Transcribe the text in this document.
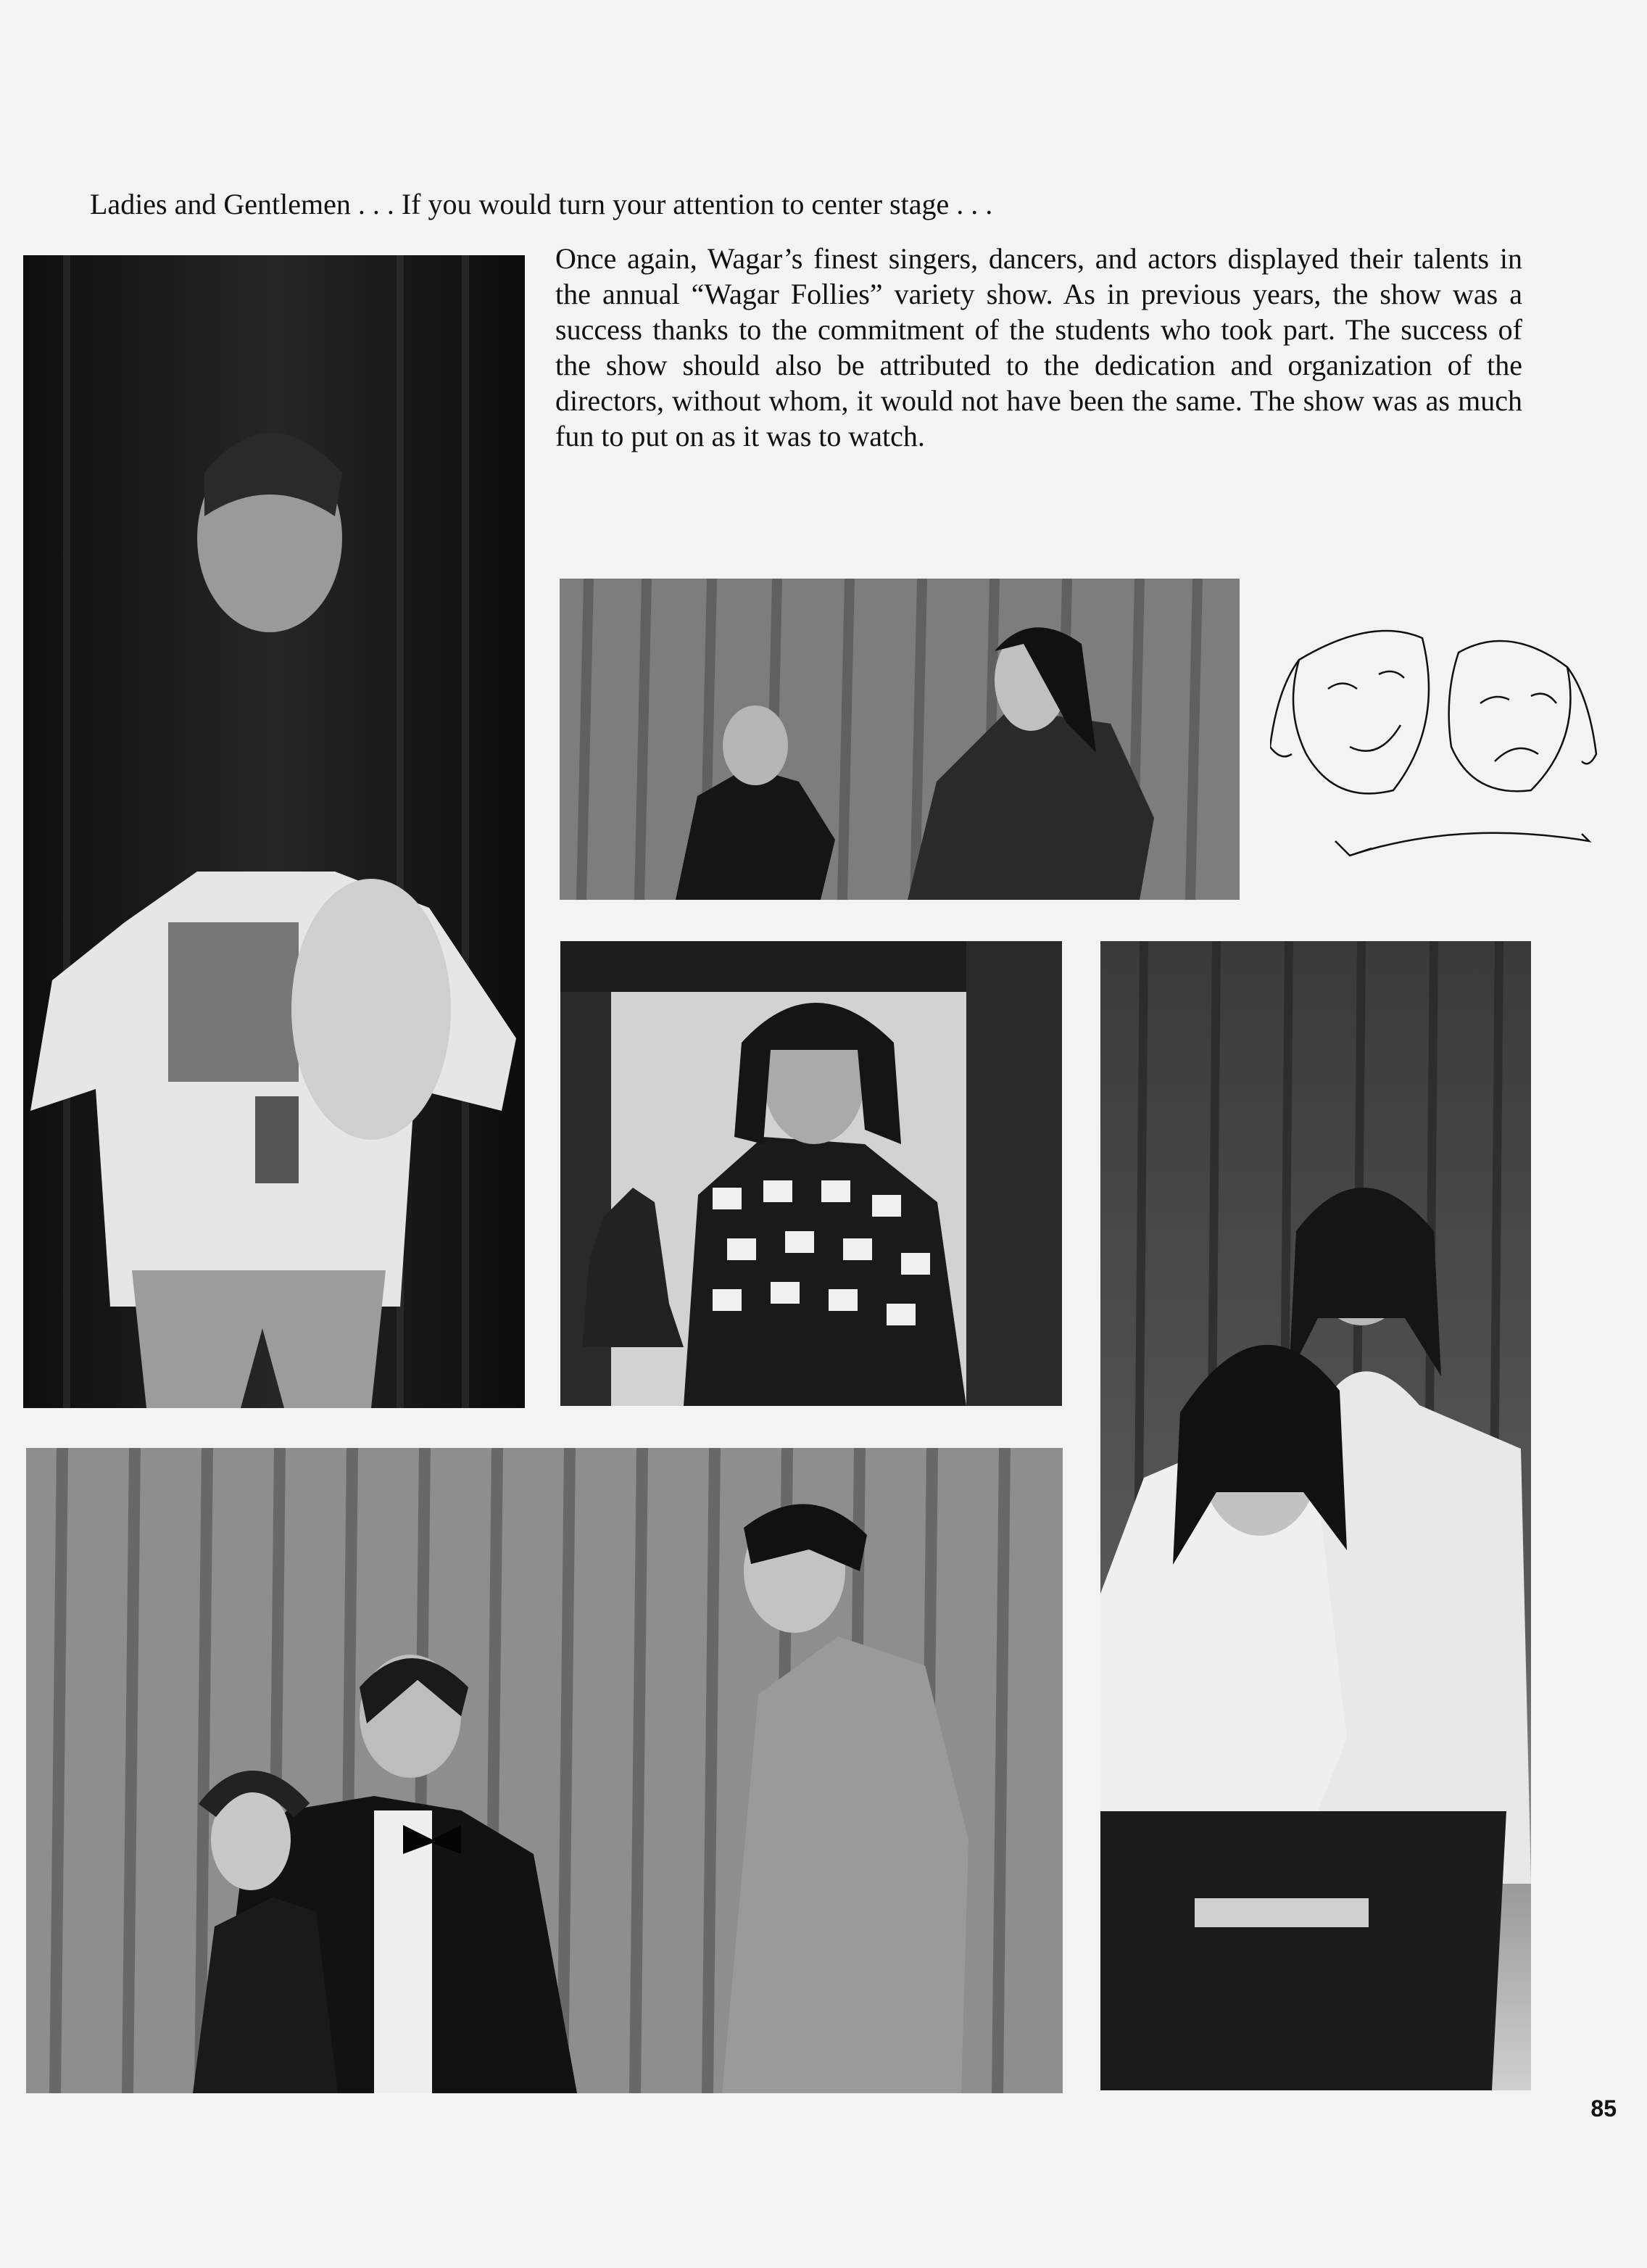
Ladies and Gentlemen . . . If you would turn your attention to center stage . . .
Once again, Wagar’s finest singers, dancers, and actors displayed their talents in the annual “Wagar Follies” variety show. As in previous years, the show was a success thanks to the commitment of the students who took part. The success of the show should also be attributed to the dedication and organization of the directors, without whom, it would not have been the same. The show was as much fun to put on as it was to watch.
85
